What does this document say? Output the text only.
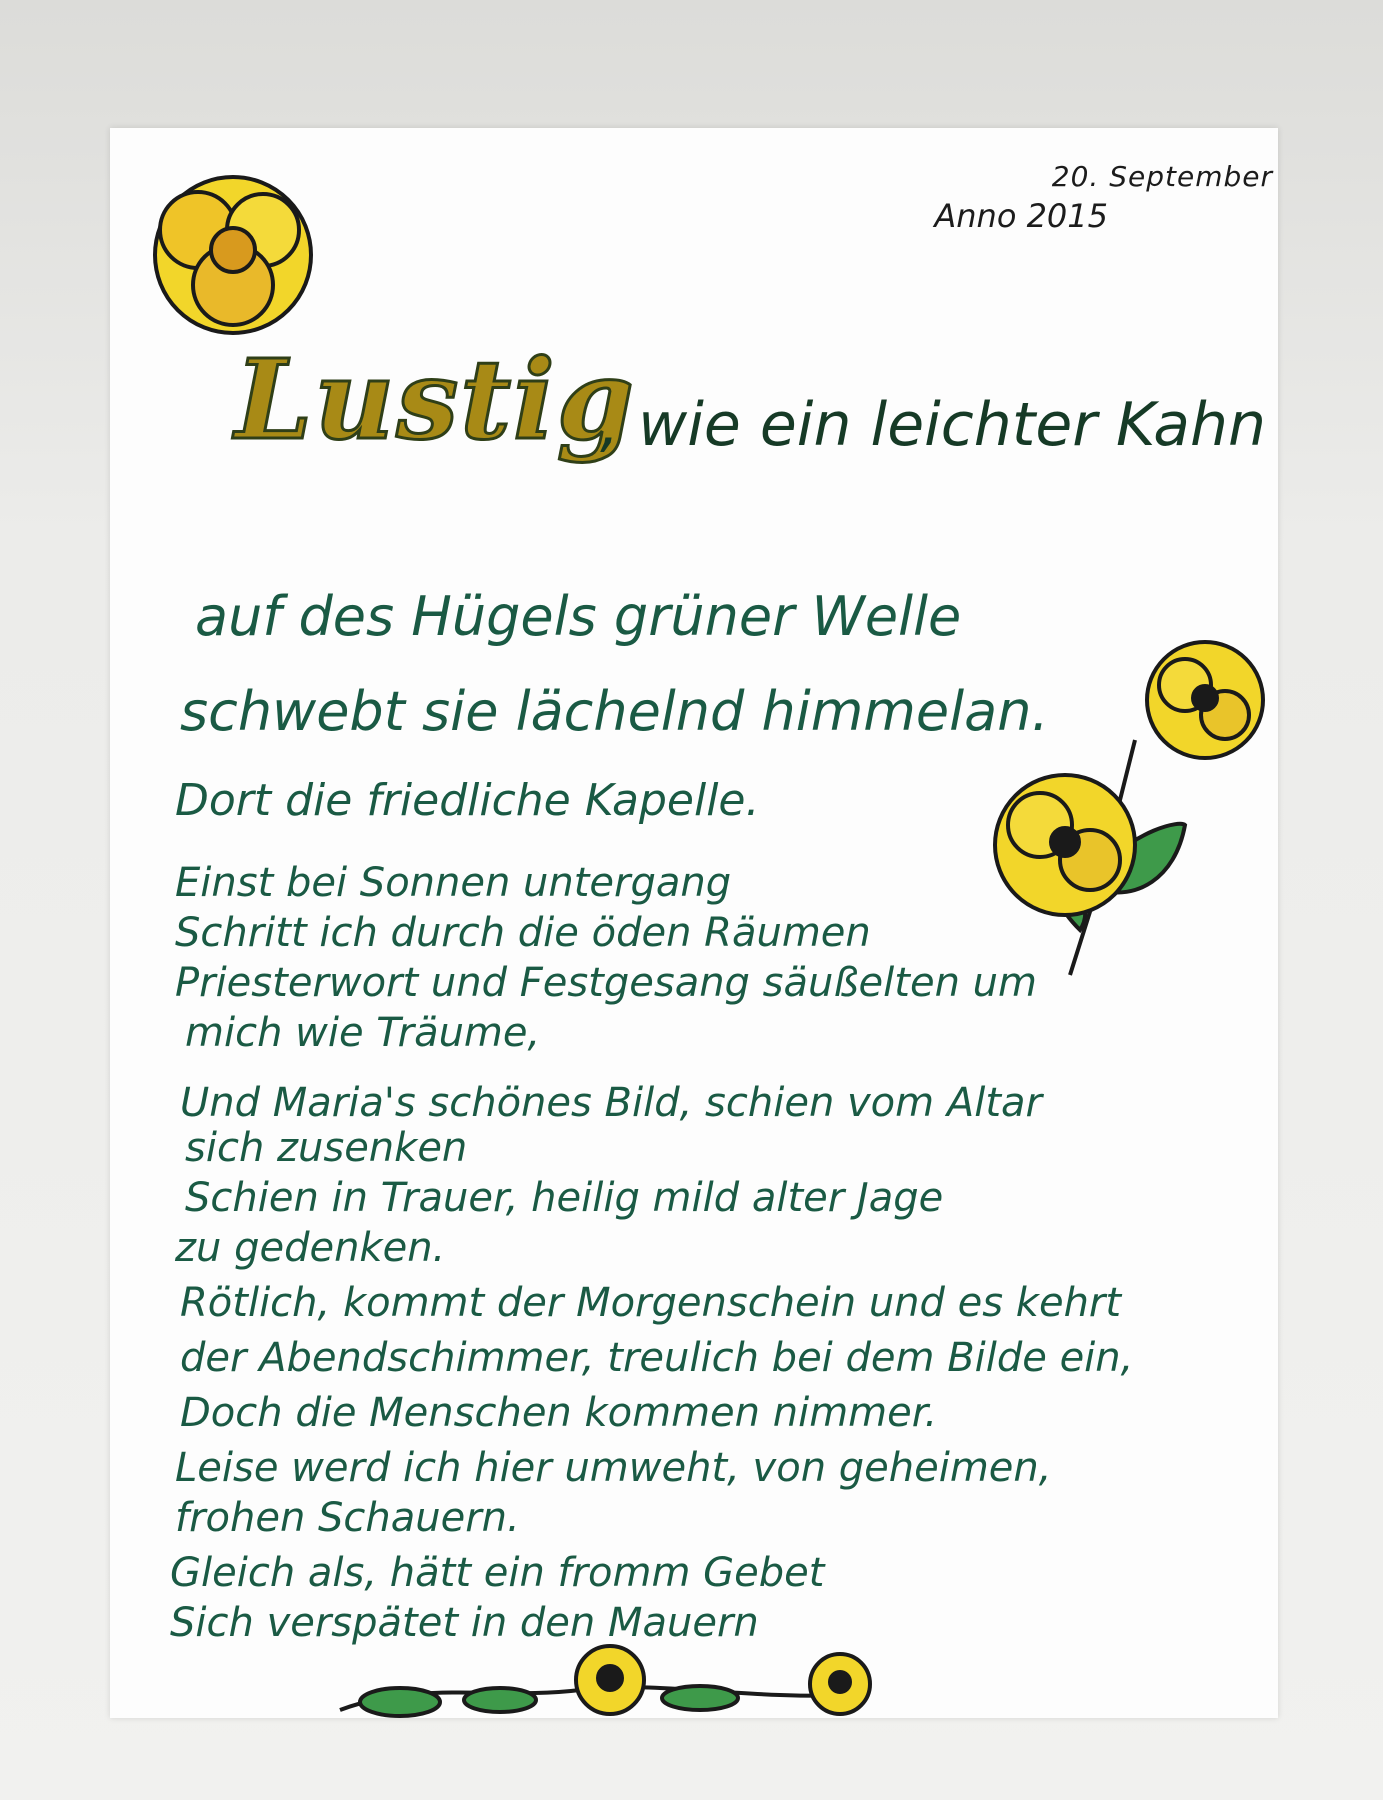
20. September
Anno 2015
Lustig
, wie ein leichter Kahn
auf des Hügels grüner Welle
schwebt sie lächelnd himmelan.
Dort die friedliche Kapelle.
Einst bei Sonnen untergang
Schritt ich durch die öden Räumen
Priesterwort und Festgesang säußelten um
mich wie Träume,
Und Maria's schönes Bild, schien vom Altar
sich zusenken
Schien in Trauer, heilig mild alter Jage
zu gedenken.
Rötlich, kommt der Morgenschein und es kehrt
der Abendschimmer, treulich bei dem Bilde ein,
Doch die Menschen kommen nimmer.
Leise werd ich hier umweht, von geheimen,
frohen Schauern.
Gleich als, hätt ein fromm Gebet
Sich verspätet in den Mauern
